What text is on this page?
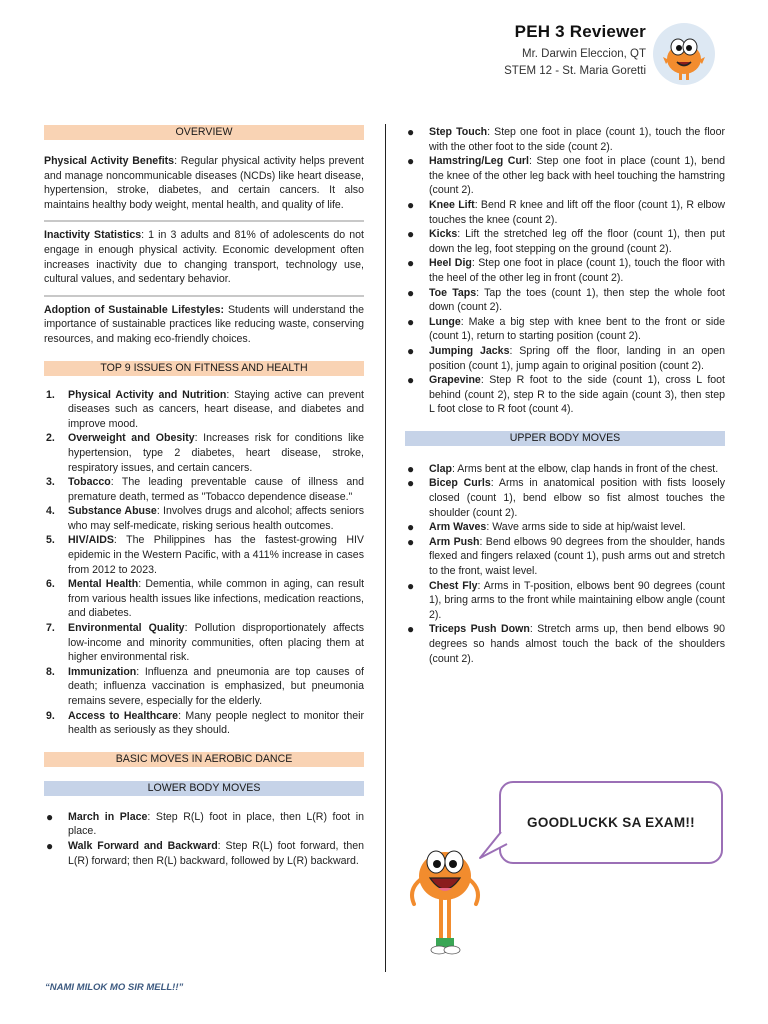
PEH 3 Reviewer
Mr. Darwin Eleccion, QT
STEM 12 - St. Maria Goretti
OVERVIEW

Physical Activity Benefits: Regular physical activity helps prevent and manage noncommunicable diseases (NCDs) like heart disease, hypertension, stroke, diabetes, and certain cancers. It also maintains healthy body weight, mental health, and quality of life.

Inactivity Statistics: 1 in 3 adults and 81% of adolescents do not engage in enough physical activity. Economic development often increases inactivity due to changing transport, technology use, cultural values, and sedentary behavior.

Adoption of Sustainable Lifestyles: Students will understand the importance of sustainable practices like reducing waste, conserving resources, and making eco-friendly choices.

TOP 9 ISSUES ON FITNESS AND HEALTH
1. Physical Activity and Nutrition: Staying active can prevent diseases such as cancers, heart disease, and diabetes and improve mood.
2. Overweight and Obesity: Increases risk for conditions like hypertension, type 2 diabetes, heart disease, stroke, respiratory issues, and certain cancers.
3. Tobacco: The leading preventable cause of illness and premature death, termed as "Tobacco dependence disease."
4. Substance Abuse: Involves drugs and alcohol; affects seniors who may self-medicate, risking serious health outcomes.
5. HIV/AIDS: The Philippines has the fastest-growing HIV epidemic in the Western Pacific, with a 411% increase in cases from 2012 to 2023.
6. Mental Health: Dementia, while common in aging, can result from various health issues like infections, medication reactions, and diabetes.
7. Environmental Quality: Pollution disproportionately affects low-income and minority communities, often placing them at higher environmental risk.
8. Immunization: Influenza and pneumonia are top causes of death; influenza vaccination is emphasized, but pneumonia remains severe, especially for the elderly.
9. Access to Healthcare: Many people neglect to monitor their health as seriously as they should.
BASIC MOVES IN AEROBIC DANCE
LOWER BODY MOVES
● March in Place: Step R(L) foot in place, then L(R) foot in place.
● Walk Forward and Backward: Step R(L) foot forward, then L(R) forward; then R(L) backward, followed by L(R) backward.
● Step Touch: Step one foot in place (count 1), touch the floor with the other foot to the side (count 2).
● Hamstring/Leg Curl: Step one foot in place (count 1), bend the knee of the other leg back with heel touching the hamstring (count 2).
● Knee Lift: Bend R knee and lift off the floor (count 1), R elbow touches the knee (count 2).
● Kicks: Lift the stretched leg off the floor (count 1), then put down the leg, foot stepping on the ground (count 2).
● Heel Dig: Step one foot in place (count 1), touch the floor with the heel of the other leg in front (count 2).
● Toe Taps: Tap the toes (count 1), then step the whole foot down (count 2).
● Lunge: Make a big step with knee bent to the front or side (count 1), return to starting position (count 2).
● Jumping Jacks: Spring off the floor, landing in an open position (count 1), jump again to original position (count 2).
● Grapevine: Step R foot to the side (count 1), cross L foot behind (count 2), step R to the side again (count 3), then step L foot close to R foot (count 4).
UPPER BODY MOVES
● Clap: Arms bent at the elbow, clap hands in front of the chest.
● Bicep Curls: Arms in anatomical position with fists loosely closed (count 1), bend elbow so fist almost touches the shoulder (count 2).
● Arm Waves: Wave arms side to side at hip/waist level.
● Arm Push: Bend elbows 90 degrees from the shoulder, hands flexed and fingers relaxed (count 1), push arms out and stretch to the front, waist level.
● Chest Fly: Arms in T-position, elbows bent 90 degrees (count 1), bring arms to the front while maintaining elbow angle (count 2).
● Triceps Push Down: Stretch arms up, then bend elbows 90 degrees so hands almost touch the back of the shoulders (count 2).
GOODLUCKK SA EXAM!!
“NAMI MILOK MO SIR MELL!!”
